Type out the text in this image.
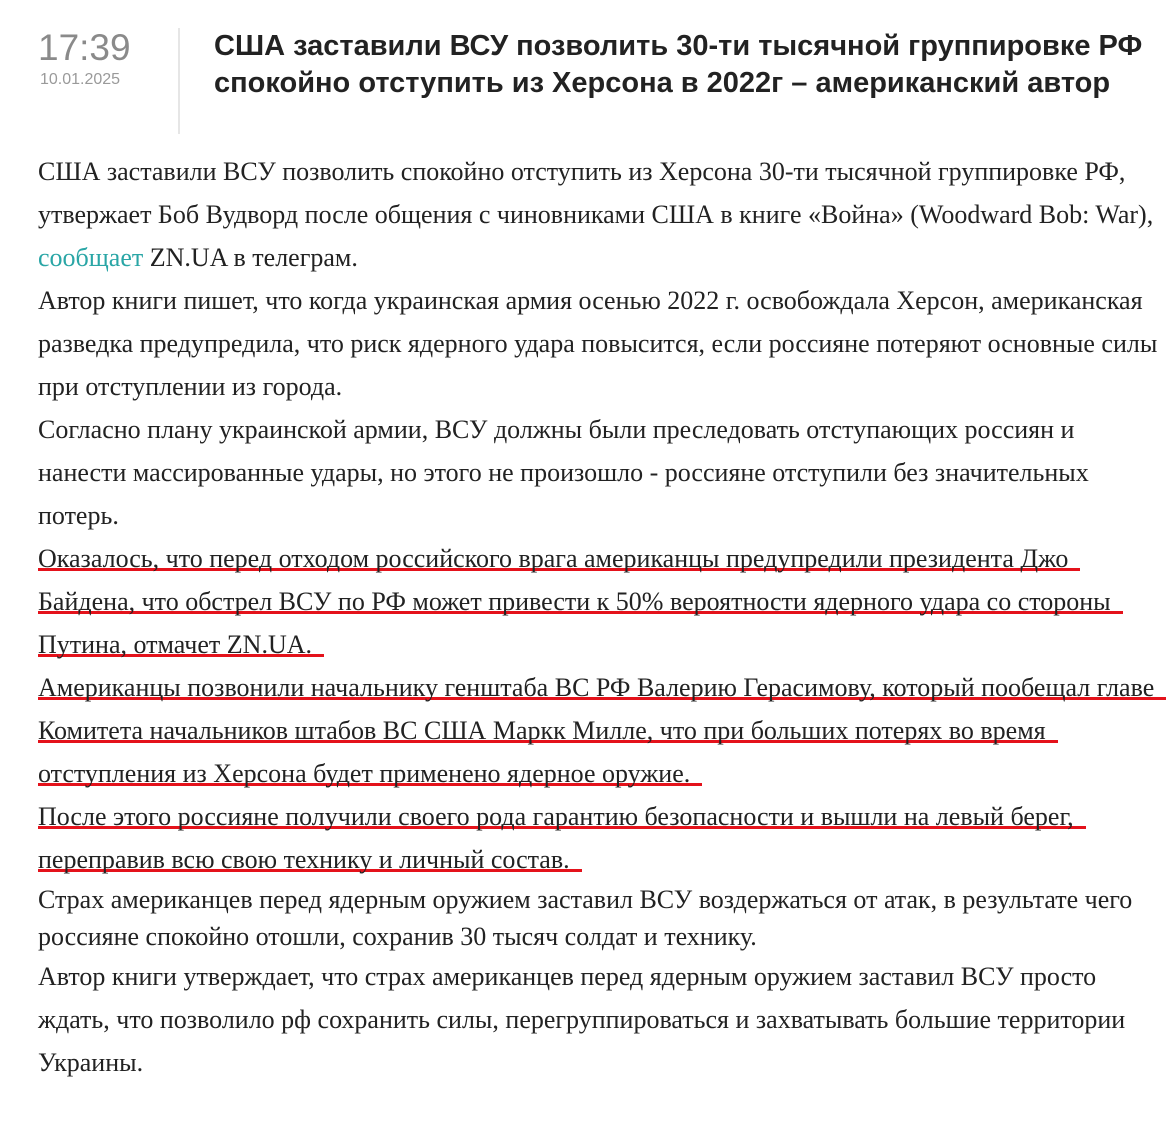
17:39
10.01.2025
США заставили ВСУ позволить 30-ти тысячной группировке РФ спокойно отступить из Херсона в 2022г – американский автор

США заставили ВСУ позволить спокойно отступить из Херсона 30-ти тысячной группировке РФ, утвержает Боб Вудворд после общения с чиновниками США в книге «Война» (Woodward Bob: War), сообщает ZN.UA в телеграм.

Автор книги пишет, что когда украинская армия осенью 2022 г. освобождала Херсон, американская разведка предупредила, что риск ядерного удара повысится, если россияне потеряют основные силы при отступлении из города.

Согласно плану украинской армии, ВСУ должны были преследовать отступающих россиян и нанести массированные удары, но этого не произошло - россияне отступили без значительных потерь.

Оказалось, что перед отходом российского врага американцы предупредили президента Джо Байдена, что обстрел ВСУ по РФ может привести к 50% вероятности ядерного удара со стороны Путина, отмачет ZN.UA.

Американцы позвонили начальнику генштаба ВС РФ Валерию Герасимову, который пообещал главе Комитета начальников штабов ВС США Маркк Милле, что при больших потерях во время отступления из Херсона будет применено ядерное оружие.

После этого россияне получили своего рода гарантию безопасности и вышли на левый берег, переправив всю свою технику и личный состав.

Страх американцев перед ядерным оружием заставил ВСУ воздержаться от атак, в результате чего россияне спокойно отошли, сохранив 30 тысяч солдат и технику.

Автор книги утверждает, что страх американцев перед ядерным оружием заставил ВСУ просто ждать, что позволило рф сохранить силы, перегруппироваться и захватывать большие территории Украины.
